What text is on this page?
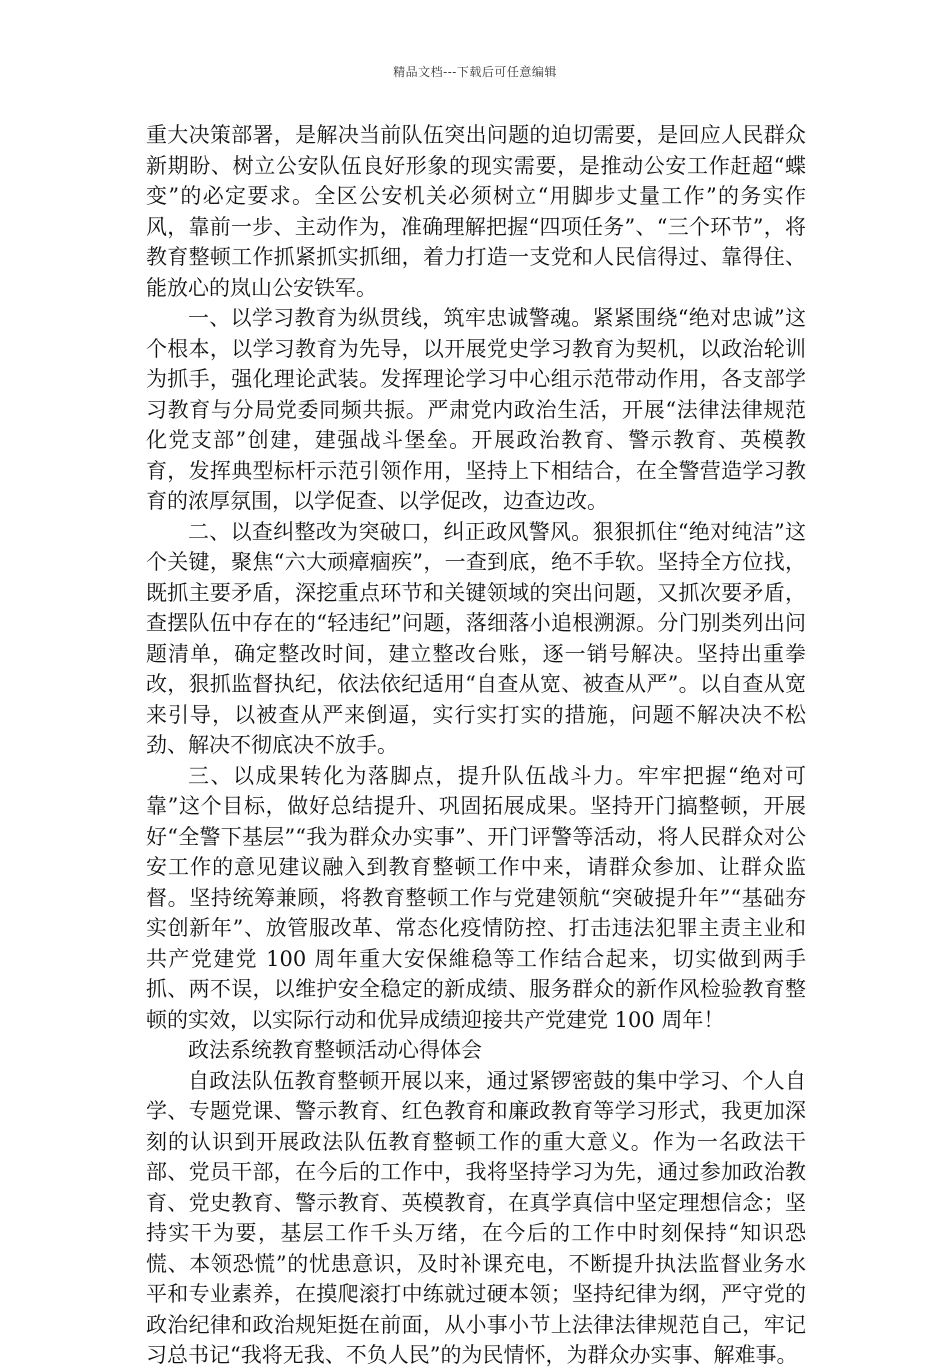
精品文档---下载后可任意编辑

重大决策部署，是解决当前队伍突出问题的迫切需要，是回应人民群众新期盼、树立公安队伍良好形象的现实需要，是推动公安工作赶超“蝶变”的必定要求。全区公安机关必须树立“用脚步丈量工作”的务实作风，靠前一步、主动作为，准确理解把握“四项任务”、“三个环节”，将教育整顿工作抓紧抓实抓细，着力打造一支党和人民信得过、靠得住、能放心的岚山公安铁军。

一、以学习教育为纵贯线，筑牢忠诚警魂。紧紧围绕“绝对忠诚”这个根本，以学习教育为先导，以开展党史学习教育为契机，以政治轮训为抓手，强化理论武装。发挥理论学习中心组示范带动作用，各支部学习教育与分局党委同频共振。严肃党内政治生活，开展“法律法律规范化党支部”创建，建强战斗堡垒。开展政治教育、警示教育、英模教育，发挥典型标杆示范引领作用，坚持上下相结合，在全警营造学习教育的浓厚氛围，以学促查、以学促改，边查边改。

二、以查纠整改为突破口，纠正政风警风。狠狠抓住“绝对纯洁”这个关键，聚焦“六大顽瘴痼疾”，一查到底，绝不手软。坚持全方位找，既抓主要矛盾，深挖重点环节和关键领域的突出问题，又抓次要矛盾，查摆队伍中存在的“轻违纪”问题，落细落小追根溯源。分门别类列出问题清单，确定整改时间，建立整改台账，逐一销号解决。坚持出重拳改，狠抓监督执纪，依法依纪适用“自查从宽、被查从严”。以自查从宽来引导，以被查从严来倒逼，实行实打实的措施，问题不解决决不松劲、解决不彻底决不放手。

三、以成果转化为落脚点，提升队伍战斗力。牢牢把握“绝对可靠”这个目标，做好总结提升、巩固拓展成果。坚持开门搞整顿，开展好“全警下基层”“我为群众办实事”、开门评警等活动，将人民群众对公安工作的意见建议融入到教育整顿工作中来，请群众参加、让群众监督。坚持统筹兼顾，将教育整顿工作与党建领航“突破提升年”“基础夯实创新年”、放管服改革、常态化疫情防控、打击违法犯罪主责主业和共产党建党 100 周年重大安保維稳等工作结合起来，切实做到两手抓、两不误，以维护安全稳定的新成绩、服务群众的新作风检验教育整顿的实效，以实际行动和优异成绩迎接共产党建党 100 周年！

政法系统教育整顿活动心得体会

自政法队伍教育整顿开展以来，通过紧锣密鼓的集中学习、个人自学、专题党课、警示教育、红色教育和廉政教育等学习形式，我更加深刻的认识到开展政法队伍教育整顿工作的重大意义。作为一名政法干部、党员干部，在今后的工作中，我将坚持学习为先，通过参加政治教育、党史教育、警示教育、英模教育，在真学真信中坚定理想信念；坚持实干为要，基层工作千头万绪，在今后的工作中时刻保持“知识恐慌、本领恐慌”的忧患意识，及时补课充电，不断提升执法监督业务水平和专业素养，在摸爬滚打中练就过硬本领；坚持纪律为纲，严守党的政治纪律和政治规矩挺在前面，从小事小节上法律法律规范自己，牢记习总书记“我将无我、不负人民”的为民情怀，为群众办实事、解难事。
